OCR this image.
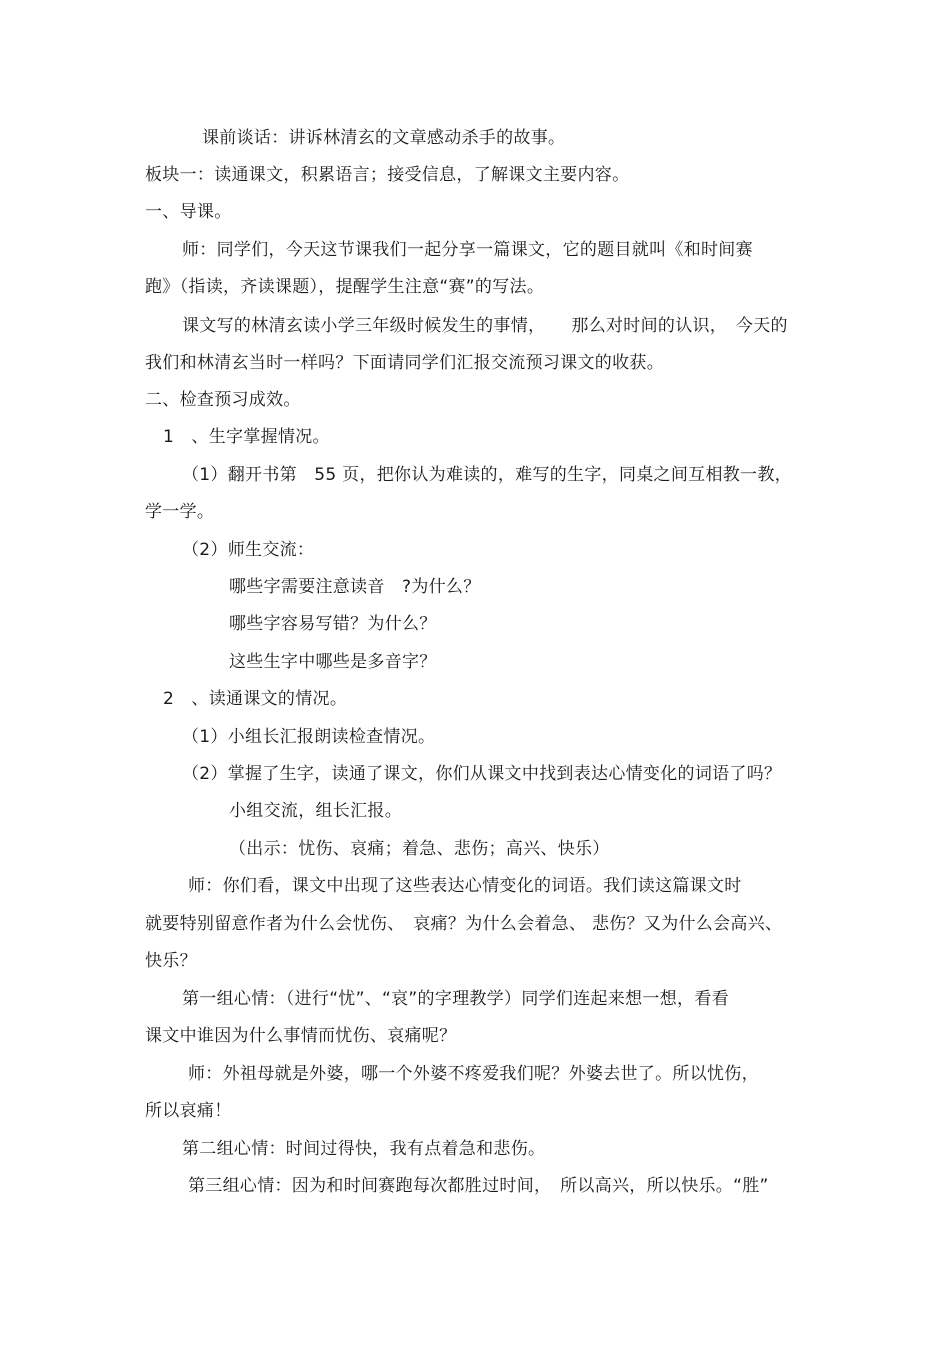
课前谈话：讲诉林清玄的文章感动杀手的故事。
板块一：读通课文，积累语言；接受信息，了解课文主要内容。
一、导课。
师：同学们，今天这节课我们一起分享一篇课文，它的题目就叫《和时间赛
跑》（指读，齐读课题），提醒学生注意“赛”的写法。
课文写的林清玄读小学三年级时候发生的事情，　　那么对时间的认识，　今天的
我们和林清玄当时一样吗？下面请同学们汇报交流预习课文的收获。
二、检查预习成效。
1　、生字掌握情况。
（1）翻开书第　55 页，把你认为难读的，难写的生字，同桌之间互相教一教，
学一学。
（2）师生交流：
哪些字需要注意读音　?为什么？
哪些字容易写错？为什么？
这些生字中哪些是多音字？
2　、读通课文的情况。
（1）小组长汇报朗读检查情况。
（2）掌握了生字，读通了课文，你们从课文中找到表达心情变化的词语了吗？
小组交流，组长汇报。
（出示：忧伤、哀痛；着急、悲伤；高兴、快乐）
师：你们看，课文中出现了这些表达心情变化的词语。我们读这篇课文时
就要特别留意作者为什么会忧伤、　哀痛？为什么会着急、 悲伤？又为什么会高兴、
快乐？
第一组心情：（进行“忧”、“哀”的字理教学）同学们连起来想一想，看看
课文中谁因为什么事情而忧伤、哀痛呢？
师：外祖母就是外婆，哪一个外婆不疼爱我们呢？外婆去世了。所以忧伤，
所以哀痛！
第二组心情：时间过得快，我有点着急和悲伤。
第三组心情：因为和时间赛跑每次都胜过时间，　所以高兴，所以快乐。“胜”
